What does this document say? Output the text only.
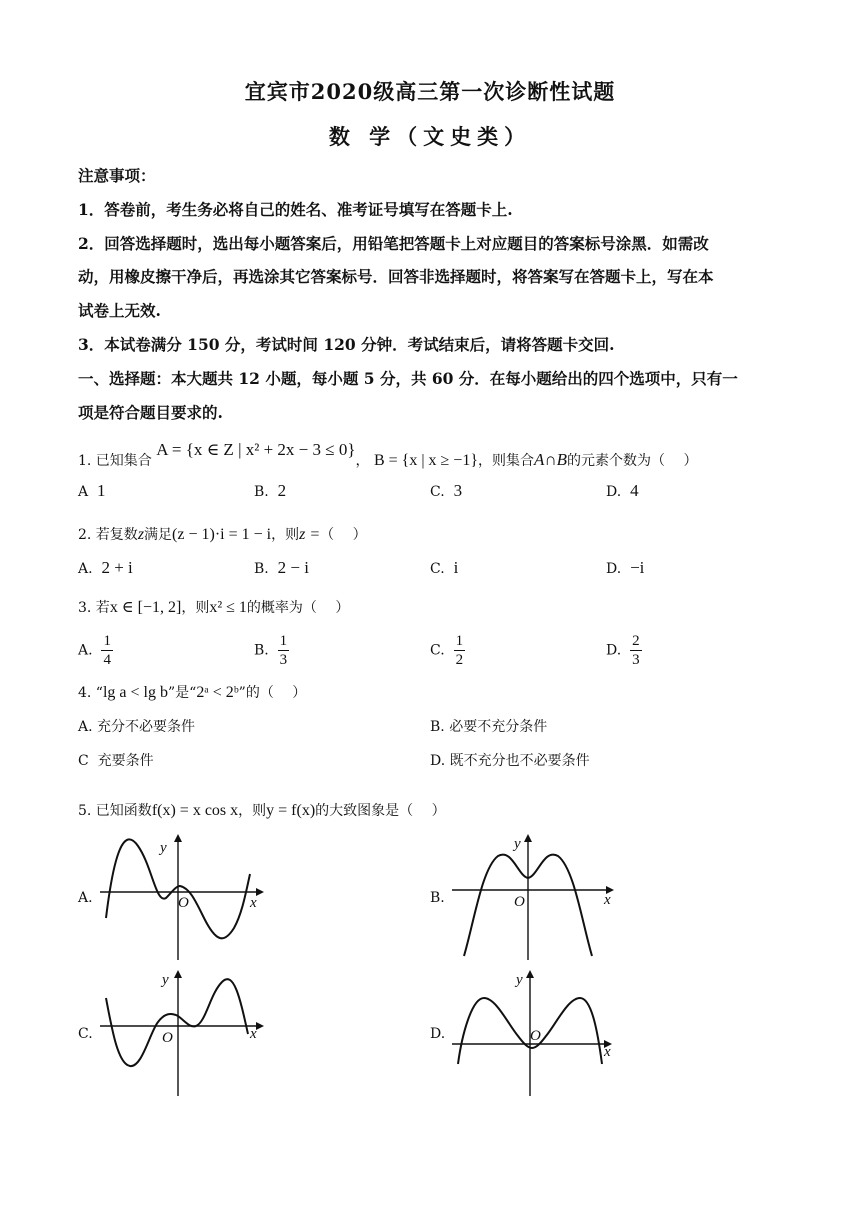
宜宾市2020级高三第一次诊断性试题
数 学（文史类）
注意事项：
1．答卷前，考生务必将自己的姓名、准考证号填写在答题卡上.
2．回答选择题时，选出每小题答案后，用铅笔把答题卡上对应题目的答案标号涂黑．如需改
动，用橡皮擦干净后，再选涂其它答案标号．回答非选择题时，将答案写在答题卡上，写在本
试卷上无效.
3．本试卷满分 150 分，考试时间 120 分钟．考试结束后，请将答题卡交回.
一、选择题：本大题共 12 小题，每小题 5 分，共 60 分．在每小题给出的四个选项中，只有一
项是符合题目要求的.
1. 已知集合 A = {x ∈ Z | x² + 2x − 3 ≤ 0}， B = {x | x ≥ −1}，则集合A∩B的元素个数为（　 ）
A 1	B. 2	C. 3	D. 4
2. 若复数z满足(z − 1)·i = 1 − i，则z =（　 ）
A. 2 + i	B. 2 − i	C. i	D. −i
3. 若x ∈ [−1, 2]，则x² ≤ 1的概率为（　 ）
A. $\frac{1}{4}$	B. $\frac{1}{3}$	C. $\frac{1}{2}$	D. $\frac{2}{3}$
4. “lg a < lg b”是“2ᵃ < 2ᵇ”的（　 ）
A. 充分不必要条件	B. 必要不充分条件
C 充要条件	D. 既不充分也不必要条件
5. 已知函数f(x) = x cos x，则y = f(x)的大致图象是（　 ）
A.	B.
C.	D.
y
x
O
y
x
O
y
x
O
y
x
O
